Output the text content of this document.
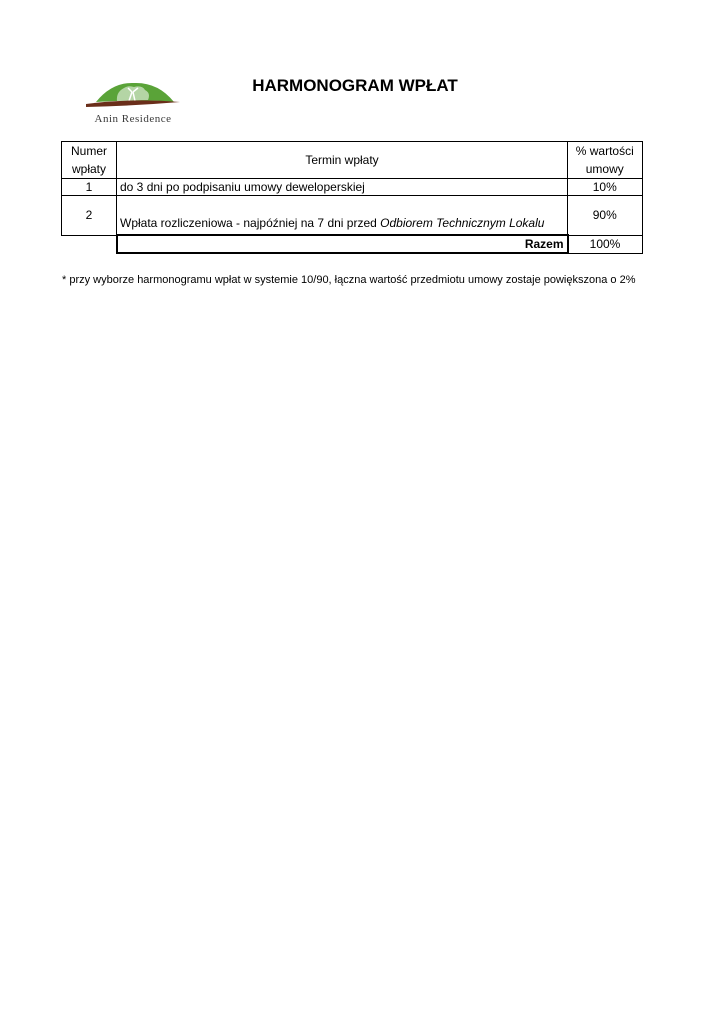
Anin Residence
HARMONOGRAM WPŁAT
Numer wpłaty	Termin wpłaty	% wartości umowy
1	do 3 dni po podpisaniu umowy deweloperskiej	10%
2	Wpłata rozliczeniowa - najpóźniej na 7 dni przed Odbiorem Technicznym Lokalu	90%
	Razem	100%
* przy wyborze harmonogramu wpłat w systemie 10/90, łączna wartość przedmiotu umowy zostaje powiększona o 2%
